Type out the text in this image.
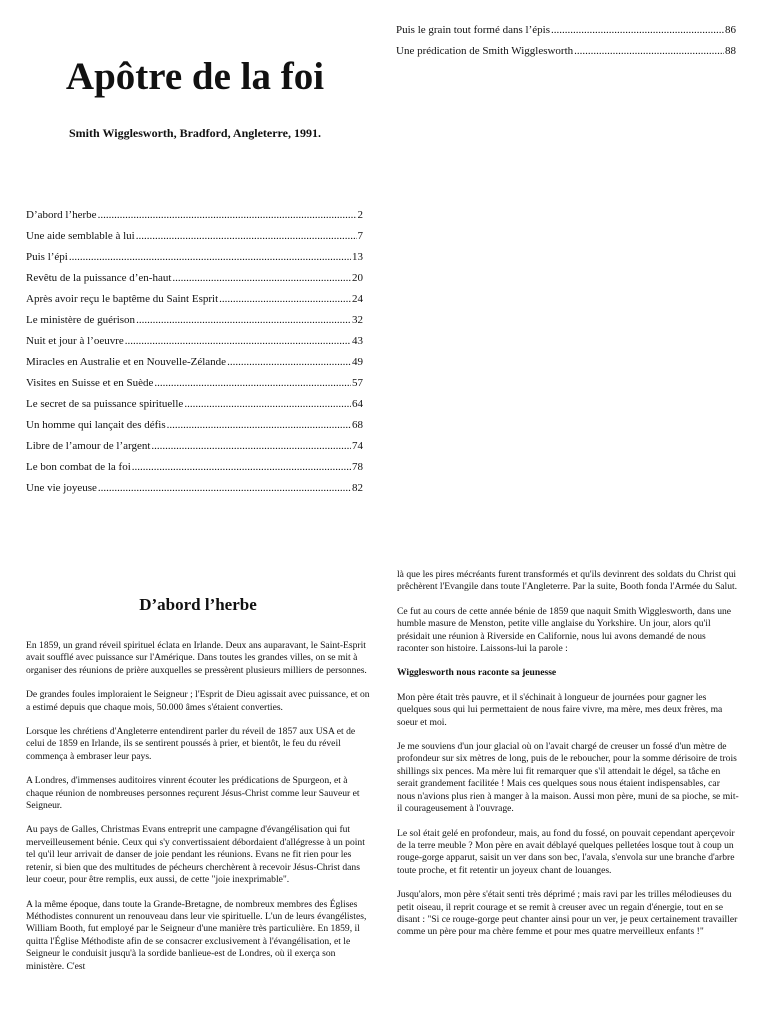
Puis le grain tout formé dans l’épis .....	86
Une prédication de Smith Wigglesworth .....	88
Apôtre de la foi

Smith Wigglesworth, Bradford, Angleterre, 1991.

D’abord l’herbe .....	2
Une aide semblable à lui .....	7
Puis l’épi .....	13
Revêtu de la puissance d’en-haut .....	20
Après avoir reçu le baptême du Saint Esprit .....	24
Le ministère de guérison .....	32
Nuit et jour à l’oeuvre .....	43
Miracles en Australie et en Nouvelle-Zélande .....	49
Visites en Suisse et en Suède .....	57
Le secret de sa puissance spirituelle .....	64
Un homme qui lançait des défis .....	68
Libre de l’amour de l’argent .....	74
Le bon combat de la foi .....	78
Une vie joyeuse .....	82
D’abord l’herbe

En 1859, un grand réveil spirituel éclata en Irlande. Deux ans auparavant, le Saint-Esprit avait soufflé avec puissance sur l'Amérique. Dans toutes les grandes villes, on se mit à organiser des réunions de prière auxquelles se pressèrent plusieurs milliers de personnes.

De grandes foules imploraient le Seigneur ; l'Esprit de Dieu agissait avec puissance, et on a estimé depuis que chaque mois, 50.000 âmes s'étaient converties.

Lorsque les chrétiens d'Angleterre entendirent parler du réveil de 1857 aux USA et de celui de 1859 en Irlande, ils se sentirent poussés à prier, et bientôt, le feu du réveil commença à embraser leur pays.

A Londres, d'immenses auditoires vinrent écouter les prédications de Spurgeon, et à chaque réunion de nombreuses personnes reçurent Jésus-Christ comme leur Sauveur et Seigneur.

Au pays de Galles, Christmas Evans entreprit une campagne d'évangélisation qui fut merveilleusement bénie. Ceux qui s'y convertissaient débordaient d'allégresse à un point tel qu'il leur arrivait de danser de joie pendant les réunions. Evans ne fit rien pour les retenir, si bien que des multitudes de pécheurs cherchèrent à recevoir Jésus-Christ dans leur coeur, pour être remplis, eux aussi, de cette "joie inexprimable".

A la même époque, dans toute la Grande-Bretagne, de nombreux membres des Églises Méthodistes connurent un renouveau dans leur vie spirituelle. L'un de leurs évangélistes, William Booth, fut employé par le Seigneur d'une manière très particulière. En 1859, il quitta l'Église Méthodiste afin de se consacrer exclusivement à l'évangélisation, et le Seigneur le conduisit jusqu'à la sordide banlieue-est de Londres, où il exerça son ministère. C'est

là que les pires mécréants furent transformés et qu'ils devinrent des soldats du Christ qui prêchèrent l'Evangile dans toute l'Angleterre. Par la suite, Booth fonda l'Armée du Salut.

Ce fut au cours de cette année bénie de 1859 que naquit Smith Wigglesworth, dans une humble masure de Menston, petite ville anglaise du Yorkshire. Un jour, alors qu'il présidait une réunion à Riverside en Californie, nous lui avons demandé de nous raconter son histoire. Laissons-lui la parole :

Wigglesworth nous raconte sa jeunesse

Mon père était très pauvre, et il s'échinait à longueur de journées pour gagner les quelques sous qui lui permettaient de nous faire vivre, ma mère, mes deux frères, ma soeur et moi.

Je me souviens d'un jour glacial où on l'avait chargé de creuser un fossé d'un mètre de profondeur sur six mètres de long, puis de le reboucher, pour la somme dérisoire de trois shillings six pences. Ma mère lui fit remarquer que s'il attendait le dégel, sa tâche en serait grandement facilitée ! Mais ces quelques sous nous étaient indispensables, car nous n'avions plus rien à manger à la maison. Aussi mon père, muni de sa pioche, se mit-il courageusement à l'ouvrage.

Le sol était gelé en profondeur, mais, au fond du fossé, on pouvait cependant aperçevoir de la terre meuble ? Mon père en avait déblayé quelques pelletées losque tout à coup un rouge-gorge apparut, saisit un ver dans son bec, l'avala, s'envola sur une branche d'arbre toute proche, et fit retentir un joyeux chant de louanges.

Jusqu'alors, mon père s'était senti très déprimé ; mais ravi par les trilles mélodieuses du petit oiseau, il reprit courage et se remit à creuser avec un regain d'énergie, tout en se disant : "Si ce rouge-gorge peut chanter ainsi pour un ver, je peux certainement travailler comme un père pour ma chère femme et pour mes quatre merveilleux enfants !"
